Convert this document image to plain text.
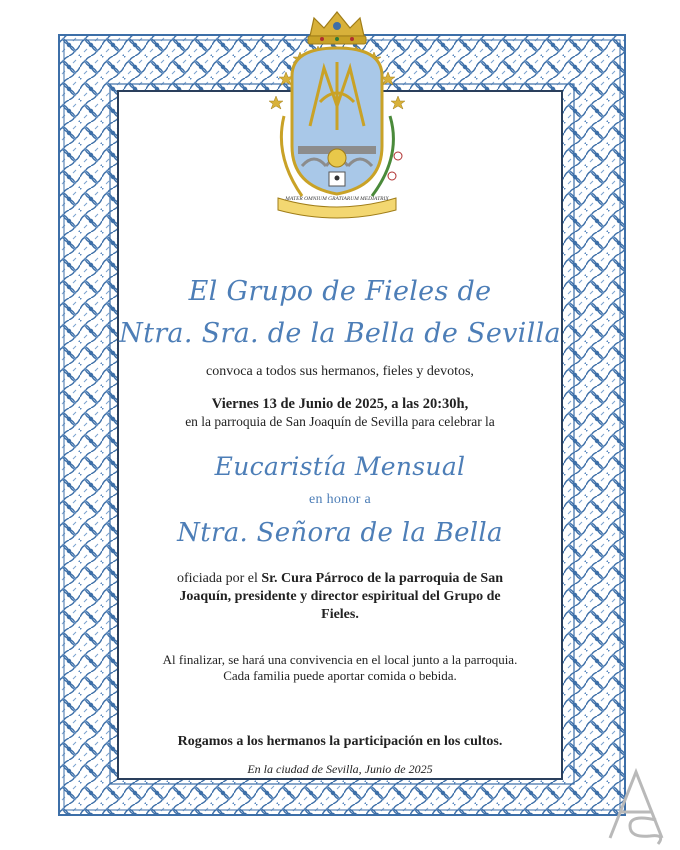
MATER OMNIUM GRATIARUM MEDIATRIX

El Grupo de Fieles de

Ntra. Sra. de la Bella de Sevilla

convoca a todos sus hermanos, fieles y devotos,

Viernes 13 de Junio de 2025, a las 20:30h,

en la parroquia de San Joaquín de Sevilla para celebrar la

Eucaristía Mensual

en honor a

Ntra. Señora de la Bella

oficiada por el Sr. Cura Párroco de la parroquia de San
Joaquín, presidente y director espiritual del Grupo de Fieles.

Al finalizar, se hará una convivencia en el local junto a la parroquia.
Cada familia puede aportar comida o bebida.

Rogamos a los hermanos la participación en los cultos.

En la ciudad de Sevilla, Junio de 2025
